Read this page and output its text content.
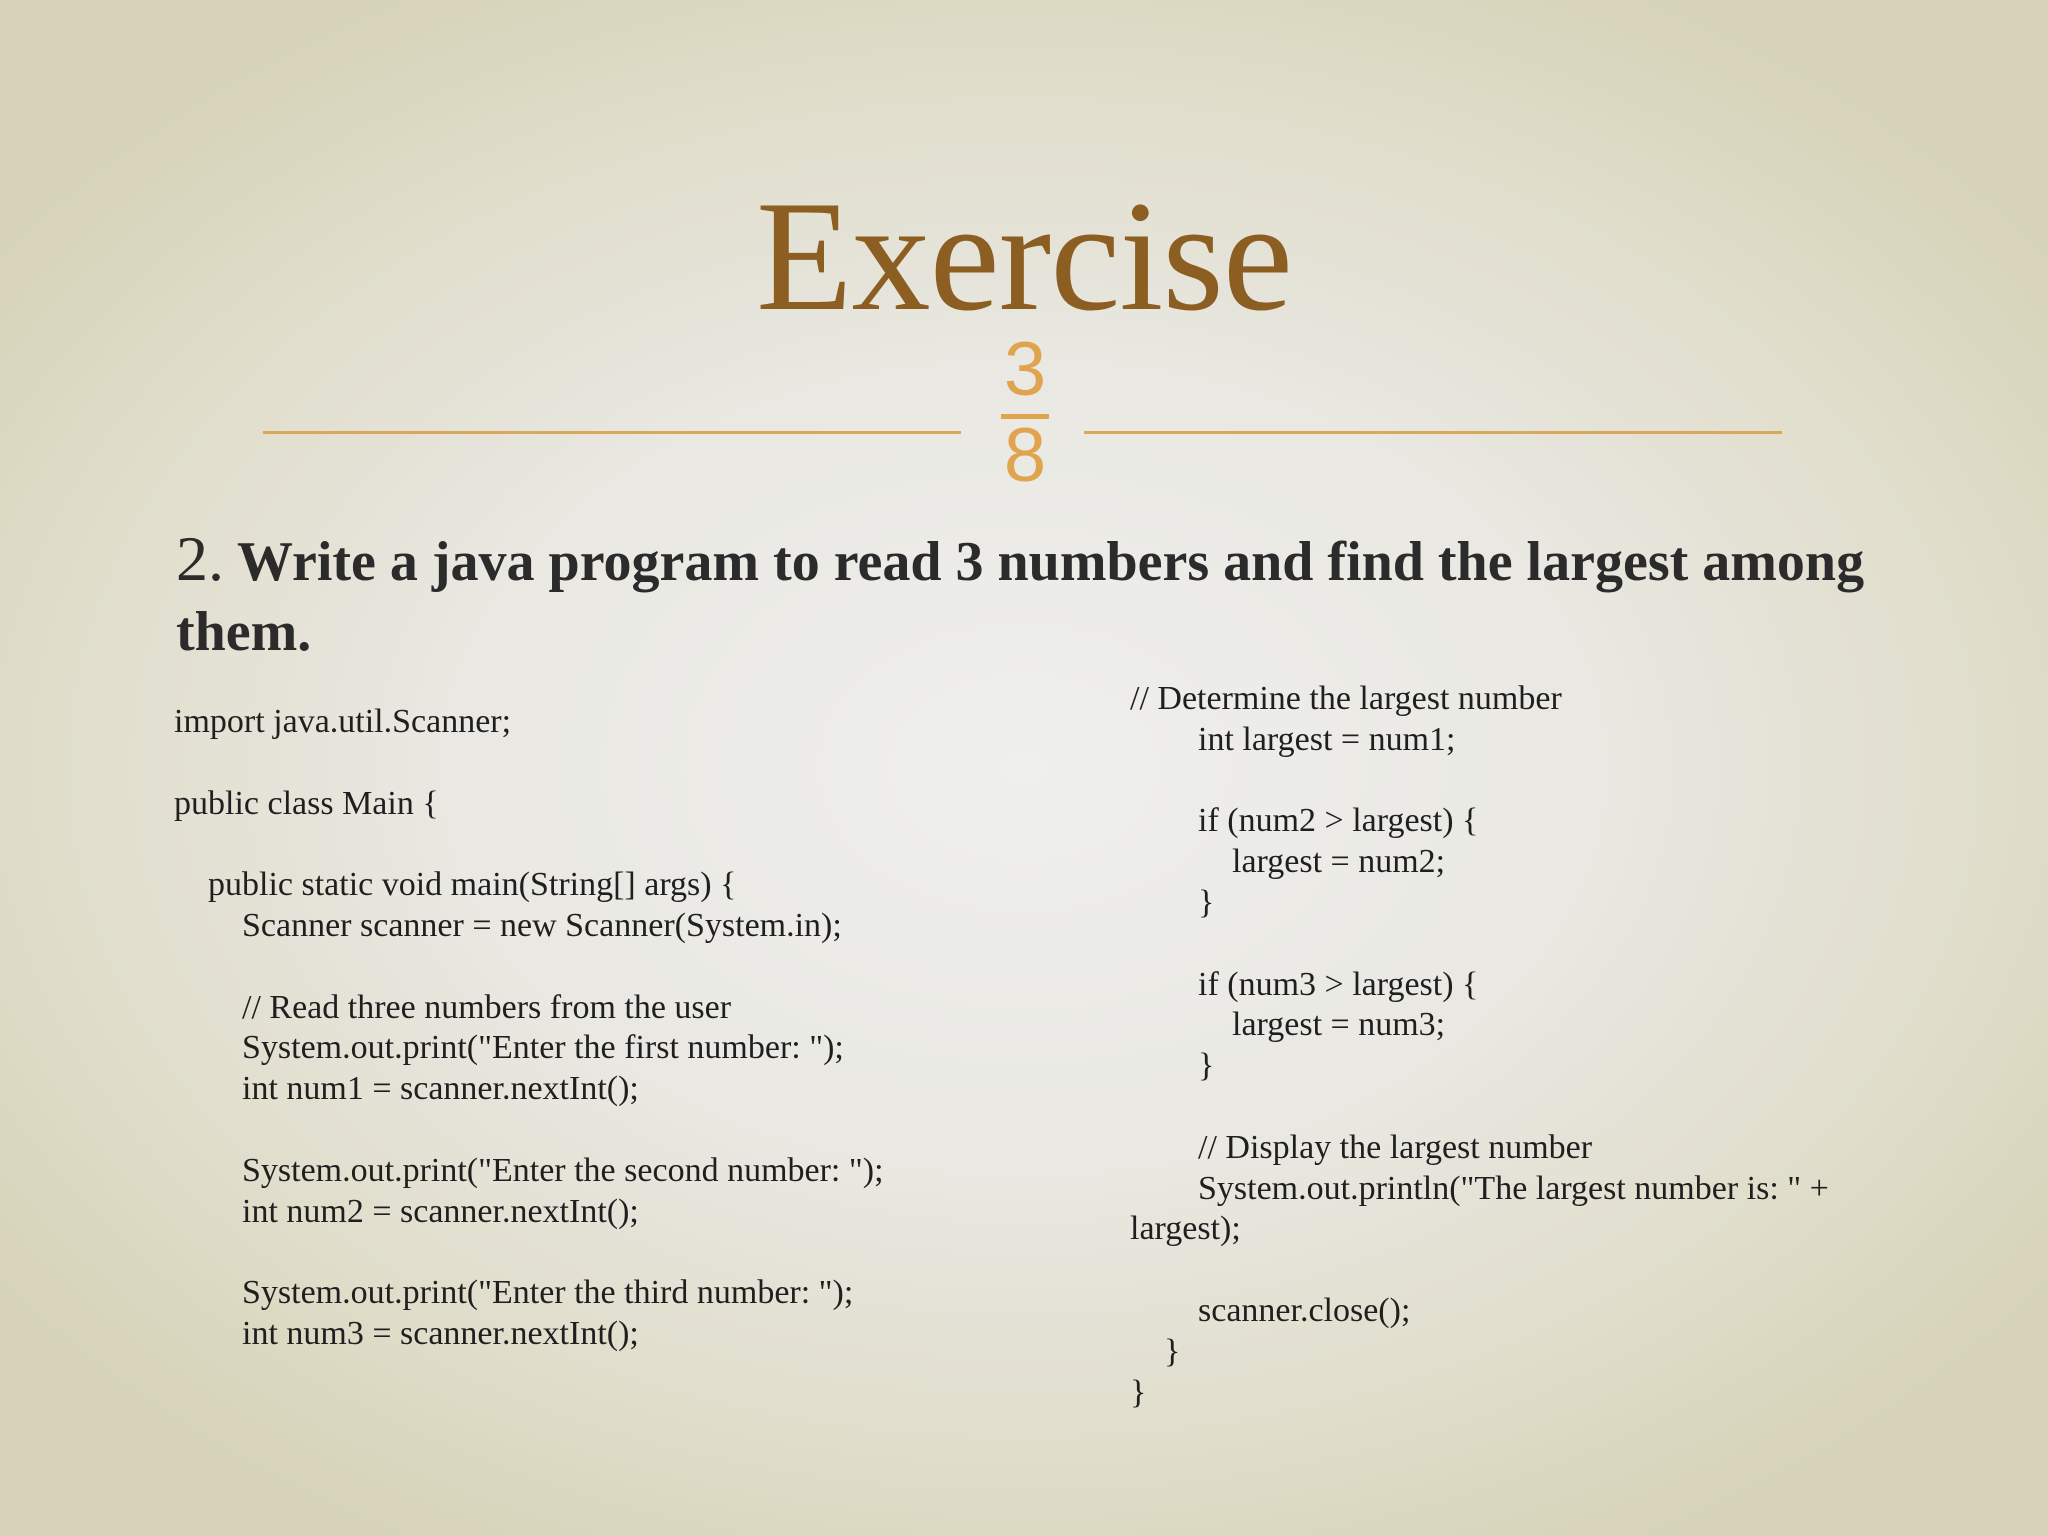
Exercise
3
8
2. Write a java program to read 3 numbers and find the largest among them.
import java.util.Scanner;
public class Main {
public static void main(String[] args) {
Scanner scanner = new Scanner(System.in);
// Read three numbers from the user
System.out.print("Enter the first number: ");
int num1 = scanner.nextInt();
System.out.print("Enter the second number: ");
int num2 = scanner.nextInt();
System.out.print("Enter the third number: ");
int num3 = scanner.nextInt();
// Determine the largest number
int largest = num1;
if (num2 > largest) {
largest = num2;
}
if (num3 > largest) {
largest = num3;
}
// Display the largest number
System.out.println("The largest number is: " +
largest);
scanner.close();
}
}
